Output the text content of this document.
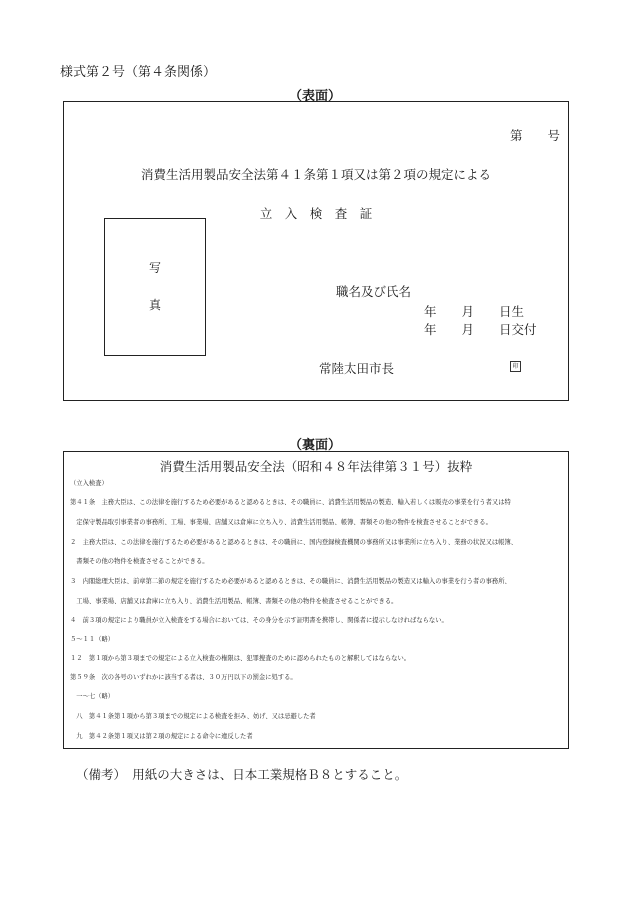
様式第２号（第４条関係）
（表面）
第　　号
消費生活用製品安全法第４１条第１項又は第２項の規定による
立　入　検　査　証
写
真
職名及び氏名
年　　月　　日生
年　　月　　日交付
常陸太田市長	印
（裏面）
消費生活用製品安全法（昭和４８年法律第３１号）抜粋
（立入検査）
第４１条　主務大臣は、この法律を施行するため必要があると認めるときは、その職員に、消費生活用製品の製造、輸入若しくは販売の事業を行う者又は特
　定保守製品取引事業者の事務所、工場、事業場、店舗又は倉庫に立ち入り、消費生活用製品、帳簿、書類その他の物件を検査させることができる。
２　主務大臣は、この法律を施行するため必要があると認めるときは、その職員に、国内登録検査機関の事務所又は事業所に立ち入り、業務の状況又は帳簿、
　書類その他の物件を検査させることができる。
３　内閣総理大臣は、前章第二節の規定を施行するため必要があると認めるときは、その職員に、消費生活用製品の製造又は輸入の事業を行う者の事務所、
　工場、事業場、店舗又は倉庫に立ち入り、消費生活用製品、帳簿、書類その他の物件を検査させることができる。
４　前３項の規定により職員が立入検査をする場合においては、その身分を示す証明書を携帯し、関係者に提示しなければならない。
５～１１（略）
１２　第１項から第３項までの規定による立入検査の権限は、犯罪捜査のために認められたものと解釈してはならない。
第５９条　次の各号のいずれかに該当する者は、３０万円以下の罰金に処する。
　一～七（略）
　八　第４１条第１項から第３項までの規定による検査を拒み、妨げ、又は忌避した者
　九　第４２条第１項又は第２項の規定による命令に違反した者
（備考）　用紙の大きさは、日本工業規格Ｂ８とすること。
